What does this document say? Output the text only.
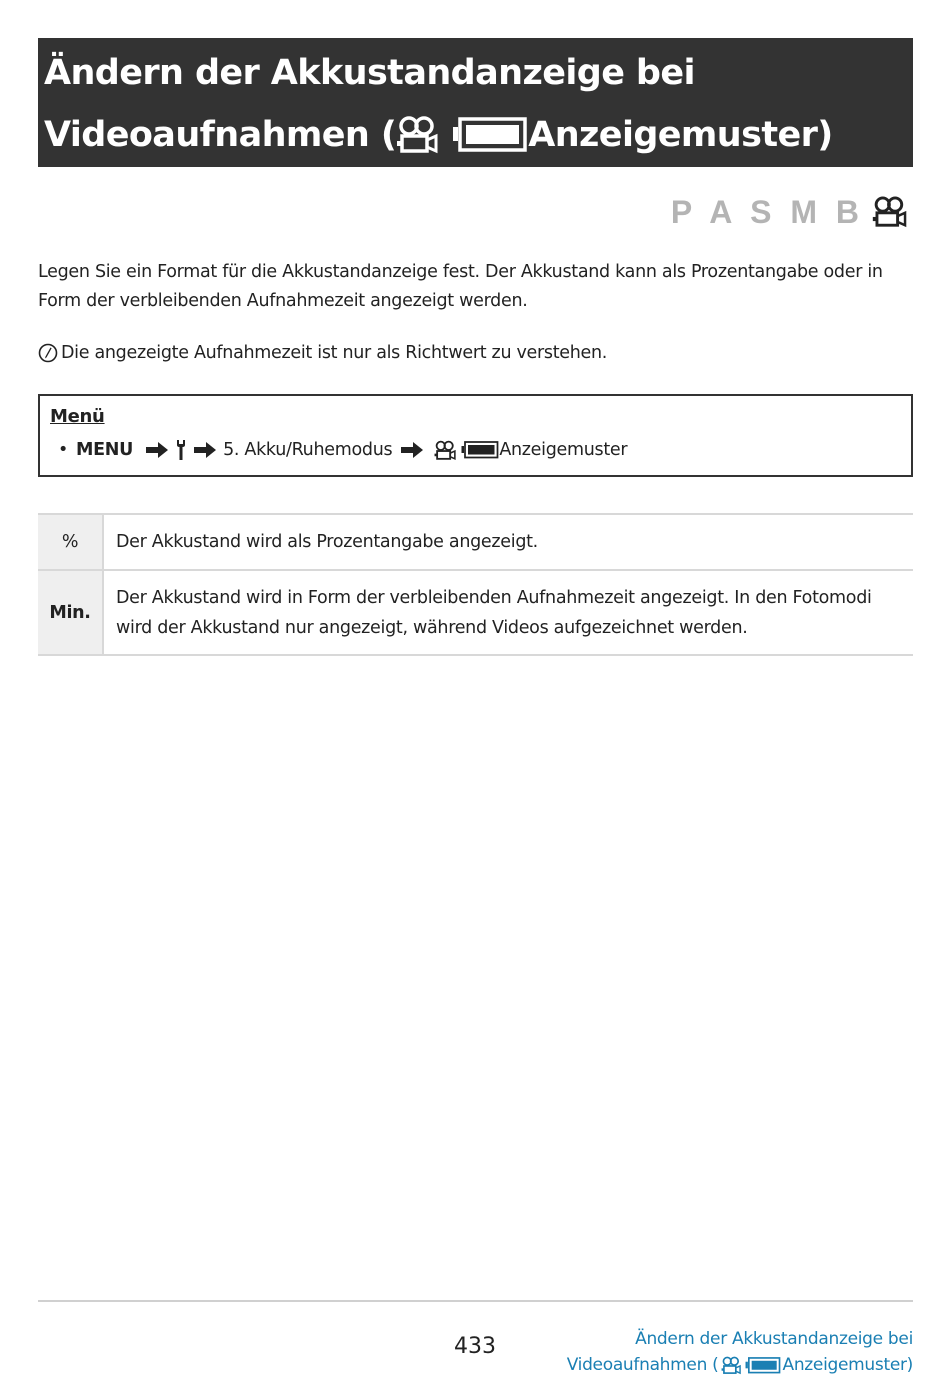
Ändern der Akkustandanzeige bei
Videoaufnahmen (	Anzeigemuster)
P A S M B
Legen Sie ein Format für die Akkustandanzeige fest. Der Akkustand kann als Prozentangabe oder in Form der verbleibenden Aufnahmezeit angezeigt werden.
Die angezeigte Aufnahmezeit ist nur als Richtwert zu verstehen.
Menü
• MENU	5. Akku/Ruhemodus	Anzeigemuster
%	Der Akkustand wird als Prozentangabe angezeigt.
Min.	Der Akkustand wird in Form der verbleibenden Aufnahmezeit angezeigt. In den Fotomodi wird der Akkustand nur angezeigt, während Videos aufgezeichnet werden.
433	Ändern der Akkustandanzeige bei
Videoaufnahmen (	Anzeigemuster)
